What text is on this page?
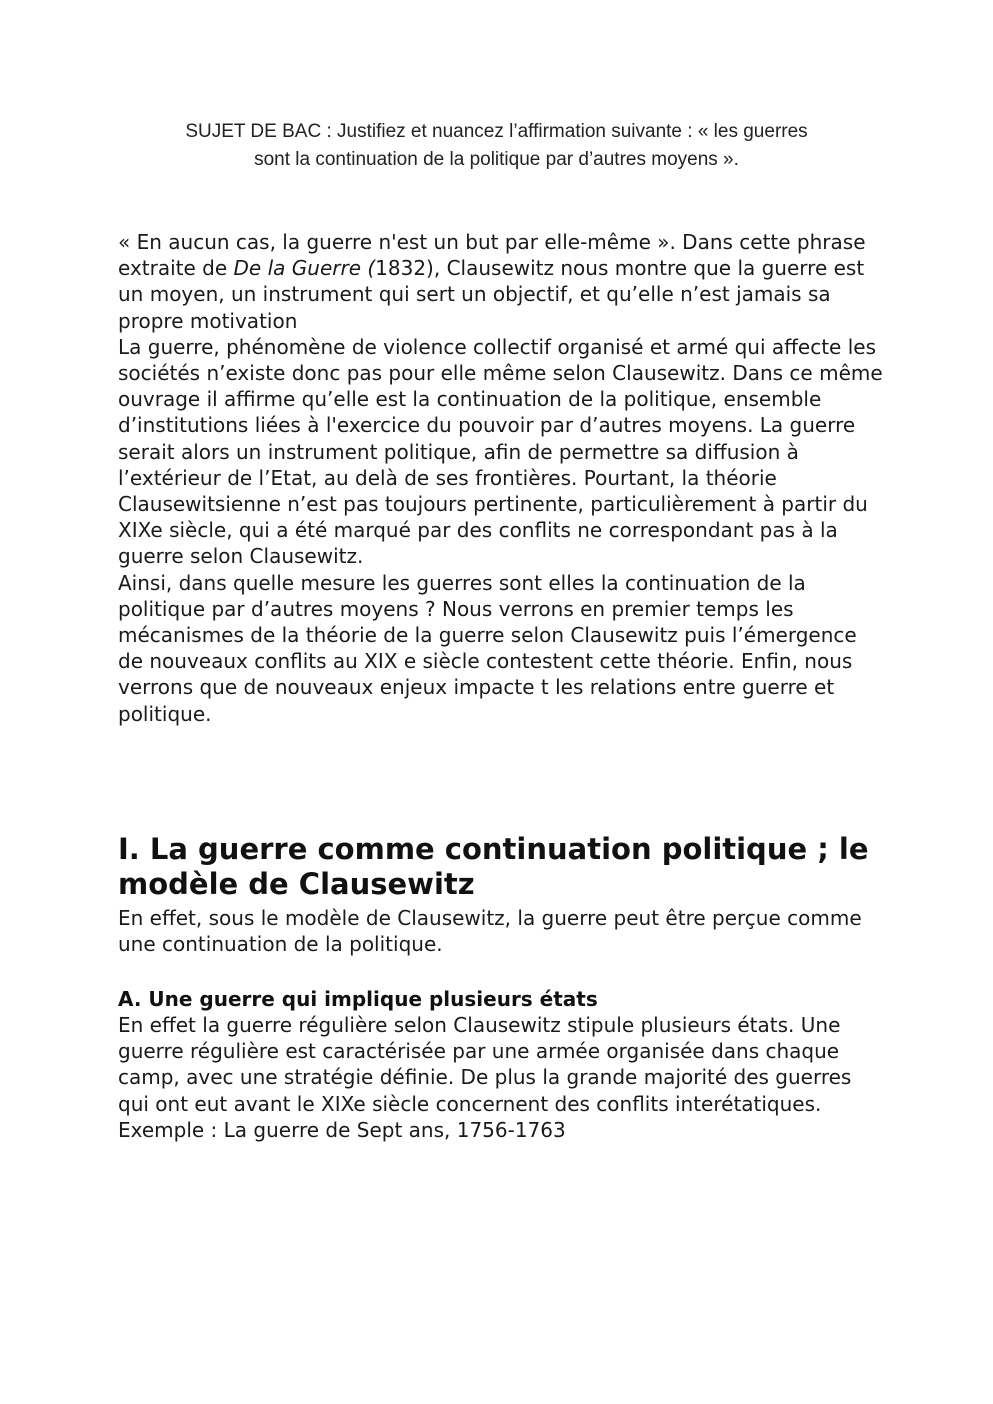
SUJET DE BAC : Justifiez et nuancez l’affirmation suivante : « les guerres
sont la continuation de la politique par d’autres moyens ».

« En aucun cas, la guerre n'est un but par elle-même ». Dans cette phrase extraite de De la Guerre (1832), Clausewitz nous montre que la guerre est un moyen, un instrument qui sert un objectif, et qu’elle n’est jamais sa propre motivation

La guerre, phénomène de violence collectif organisé et armé qui affecte les sociétés n’existe donc pas pour elle même selon Clausewitz. Dans ce même ouvrage il affirme qu’elle est la continuation de la politique, ensemble d’institutions liées à l'exercice du pouvoir par d’autres moyens. La guerre serait alors un instrument politique, afin de permettre sa diffusion à l’extérieur de l’Etat, au delà de ses frontières. Pourtant, la théorie Clausewitsienne n’est pas toujours pertinente, particulièrement à partir du XIXe siècle, qui a été marqué par des conflits ne correspondant pas à la guerre selon Clausewitz.

Ainsi, dans quelle mesure les guerres sont elles la continuation de la politique par d’autres moyens ? Nous verrons en premier temps les mécanismes de la théorie de la guerre selon Clausewitz puis l’émergence de nouveaux conflits au XIX e siècle contestent cette théorie. Enfin, nous verrons que de nouveaux enjeux impacte t les relations entre guerre et politique.

I. La guerre comme continuation politique ; le modèle de Clausewitz

En effet, sous le modèle de Clausewitz, la guerre peut être perçue comme une continuation de la politique.

A. Une guerre qui implique plusieurs états

En effet la guerre régulière selon Clausewitz stipule plusieurs états. Une guerre régulière est caractérisée par une armée organisée dans chaque camp, avec une stratégie définie. De plus la grande majorité des guerres qui ont eut avant le XIXe siècle concernent des conflits interétatiques.

Exemple : La guerre de Sept ans, 1756-1763
